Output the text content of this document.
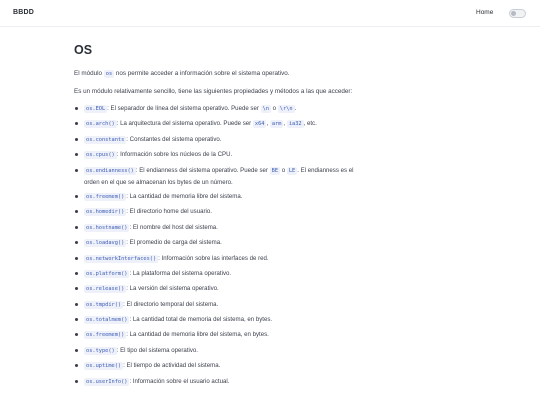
BBDD	Home
OS

El módulo os nos permite acceder a información sobre el sistema operativo.

Es un módulo relativamente sencillo, tiene las siguientes propiedades y métodos a las que acceder:

os.EOL : El separador de línea del sistema operativo. Puede ser \n o \r\n .
os.arch() : La arquitectura del sistema operativo. Puede ser x64 , arm , ia32 , etc.
os.constants : Constantes del sistema operativo.
os.cpus() : Información sobre los núcleos de la CPU.
os.endianness() : El endianness del sistema operativo. Puede ser BE o LE . El endianness es el orden en el que se almacenan los bytes de un número.
os.freemem() : La cantidad de memoria libre del sistema.
os.homedir() : El directorio home del usuario.
os.hostname() : El nombre del host del sistema.
os.loadavg() : El promedio de carga del sistema.
os.networkInterfaces() : Información sobre las interfaces de red.
os.platform() : La plataforma del sistema operativo.
os.release() : La versión del sistema operativo.
os.tmpdir() : El directorio temporal del sistema.
os.totalmem() : La cantidad total de memoria del sistema, en bytes.
os.freemem() : La cantidad de memoria libre del sistema, en bytes.
os.type() : El tipo del sistema operativo.
os.uptime() : El tiempo de actividad del sistema.
os.userInfo() : Información sobre el usuario actual.
